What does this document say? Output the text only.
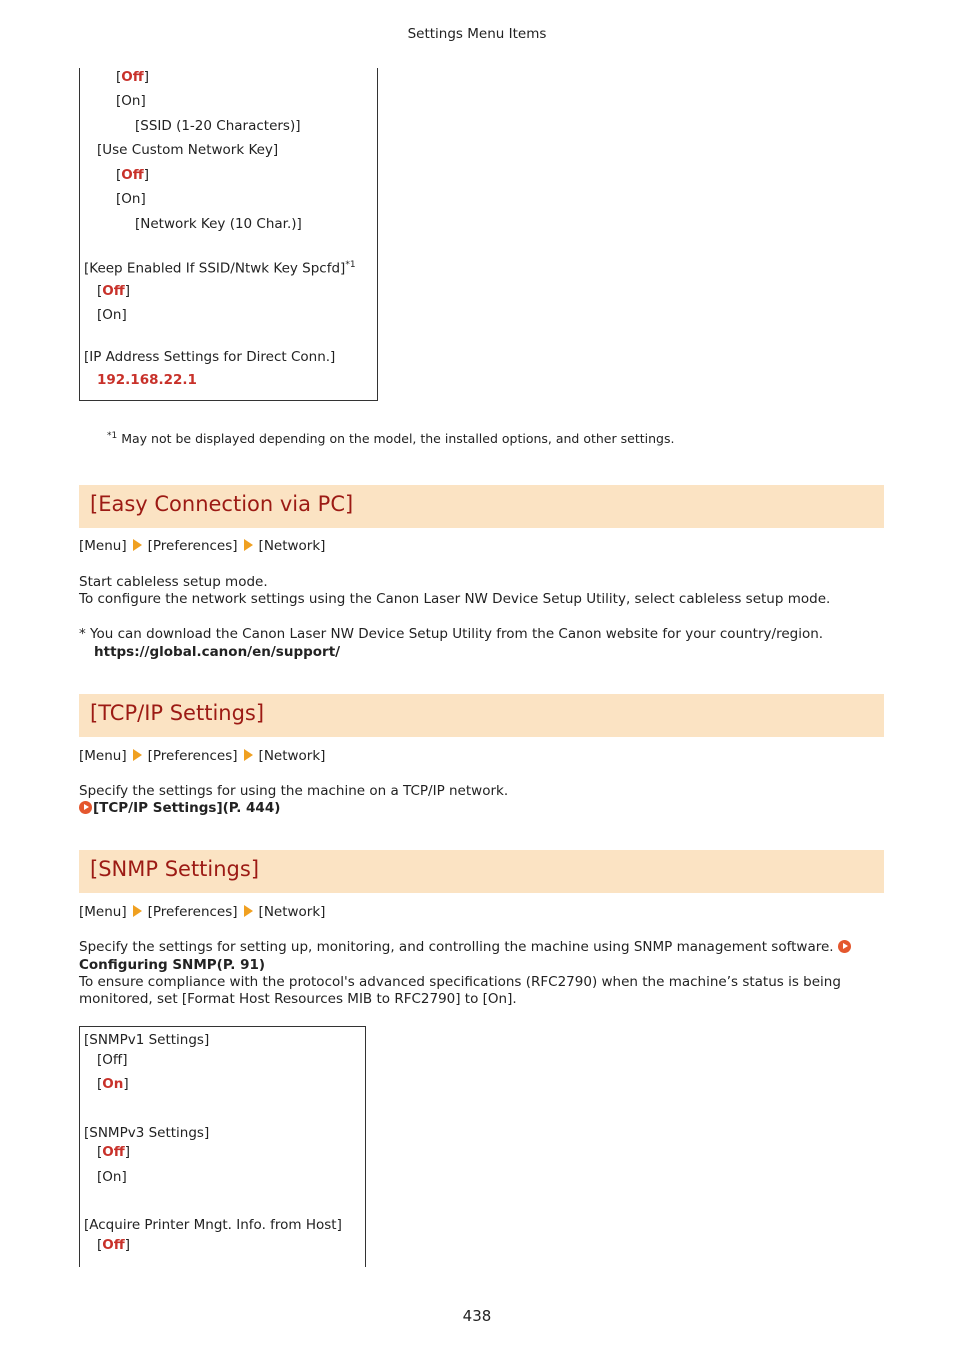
Settings Menu Items
[Off]
[On]
[SSID (1-20 Characters)]
[Use Custom Network Key]
[Off]
[On]
[Network Key (10 Char.)]
[Keep Enabled If SSID/Ntwk Key Spcfd]$^{*1}$
[Off]
[On]
[IP Address Settings for Direct Conn.]
192.168.22.1
$^{*1}$ May not be displayed depending on the model, the installed options, and other settings.
[Easy Connection via PC]
[Menu] [Preferences] [Network]
Start cableless setup mode.
To configure the network settings using the Canon Laser NW Device Setup Utility, select cableless setup mode.
* You can download the Canon Laser NW Device Setup Utility from the Canon website for your country/region.
https://global.canon/en/support/
[TCP/IP Settings]
[Menu] [Preferences] [Network]
Specify the settings for using the machine on a TCP/IP network.
[TCP/IP Settings](P. 444)
[SNMP Settings]
[Menu] [Preferences] [Network]
Specify the settings for setting up, monitoring, and controlling the machine using SNMP management software.
Configuring SNMP(P. 91)
To ensure compliance with the protocol's advanced specifications (RFC2790) when the machine’s status is being
monitored, set [Format Host Resources MIB to RFC2790] to [On].
[SNMPv1 Settings]
[Off]
[On]
[SNMPv3 Settings]
[Off]
[On]
[Acquire Printer Mngt. Info. from Host]
[Off]
438
